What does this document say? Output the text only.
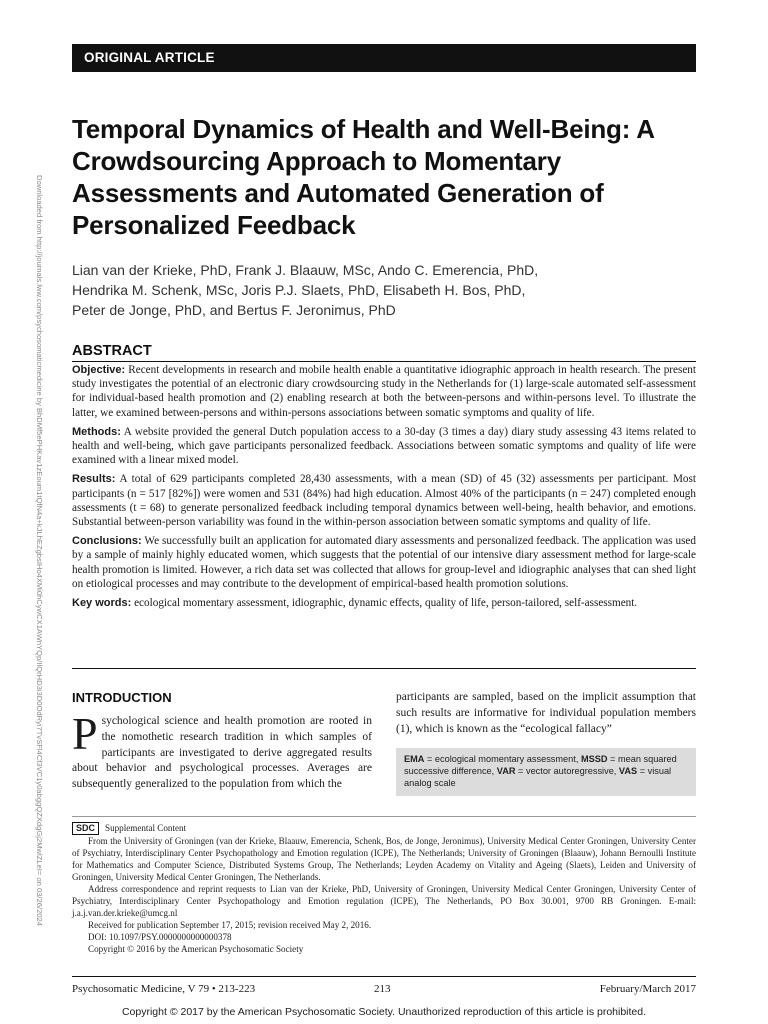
ORIGINAL ARTICLE
Downloaded from http://journals.lww.com/psychosomaticmedicine by BhDMf5ePHKav1zEoum1tQfN4a+kJLhEZgbsIHo4XMi0hCywCX1AWnYQp/IlQrHD3i3D0OdRyi7TvSFl4Cf3VC1y0abggQZXdgGj2MwlZLeI= on 03/26/2024
Temporal Dynamics of Health and Well-Being: A Crowdsourcing Approach to Momentary Assessments and Automated Generation of Personalized Feedback
Lian van der Krieke, PhD, Frank J. Blaauw, MSc, Ando C. Emerencia, PhD,
Hendrika M. Schenk, MSc, Joris P.J. Slaets, PhD, Elisabeth H. Bos, PhD,
Peter de Jonge, PhD, and Bertus F. Jeronimus, PhD
ABSTRACT

Objective: Recent developments in research and mobile health enable a quantitative idiographic approach in health research. The present study investigates the potential of an electronic diary crowdsourcing study in the Netherlands for (1) large-scale automated self-assessment for individual-based health promotion and (2) enabling research at both the between-persons and within-persons level. To illustrate the latter, we examined between-persons and within-persons associations between somatic symptoms and quality of life.

Methods: A website provided the general Dutch population access to a 30-day (3 times a day) diary study assessing 43 items related to health and well-being, which gave participants personalized feedback. Associations between somatic symptoms and quality of life were examined with a linear mixed model.

Results: A total of 629 participants completed 28,430 assessments, with a mean (SD) of 45 (32) assessments per participant. Most participants (n = 517 [82%]) were women and 531 (84%) had high education. Almost 40% of the participants (n = 247) completed enough assessments (t = 68) to generate personalized feedback including temporal dynamics between well-being, health behavior, and emotions. Substantial between-person variability was found in the within-person association between somatic symptoms and quality of life.

Conclusions: We successfully built an application for automated diary assessments and personalized feedback. The application was used by a sample of mainly highly educated women, which suggests that the potential of our intensive diary assessment method for large-scale health promotion is limited. However, a rich data set was collected that allows for group-level and idiographic analyses that can shed light on etiological processes and may contribute to the development of empirical-based health promotion solutions.

Key words: ecological momentary assessment, idiographic, dynamic effects, quality of life, person-tailored, self-assessment.

INTRODUCTION
Psychological science and health promotion are rooted in the nomothetic research tradition in which samples of participants are investigated to derive aggregated results about behavior and psychological processes. Averages are subsequently generalized to the population from which the
participants are sampled, based on the implicit assumption that such results are informative for individual population members (1), which is known as the “ecological fallacy”
EMA = ecological momentary assessment, MSSD = mean squared successive difference, VAR = vector autoregressive, VAS = visual analog scale

SDC Supplemental Content

From the University of Groningen (van der Krieke, Blaauw, Emerencia, Schenk, Bos, de Jonge, Jeronimus), University Medical Center Groningen, University Center of Psychiatry, Interdisciplinary Center Psychopathology and Emotion regulation (ICPE), The Netherlands; University of Groningen (Blaauw), Johann Bernoulli Institute for Mathematics and Computer Science, Distributed Systems Group, The Netherlands; Leyden Academy on Vitality and Ageing (Slaets), Leiden and University of Groningen, University Medical Center Groningen, The Netherlands.

Address correspondence and reprint requests to Lian van der Krieke, PhD, University of Groningen, University Medical Center Groningen, University Center of Psychiatry, Interdisciplinary Center Psychopathology and Emotion regulation (ICPE), The Netherlands, PO Box 30.001, 9700 RB Groningen. E-mail: j.a.j.van.der.krieke@umcg.nl

Received for publication September 17, 2015; revision received May 2, 2016.

DOI: 10.1097/PSY.0000000000000378

Copyright © 2016 by the American Psychosomatic Society

Psychosomatic Medicine, V 79 • 213-223	213	February/March 2017
Copyright © 2017 by the American Psychosomatic Society. Unauthorized reproduction of this article is prohibited.
